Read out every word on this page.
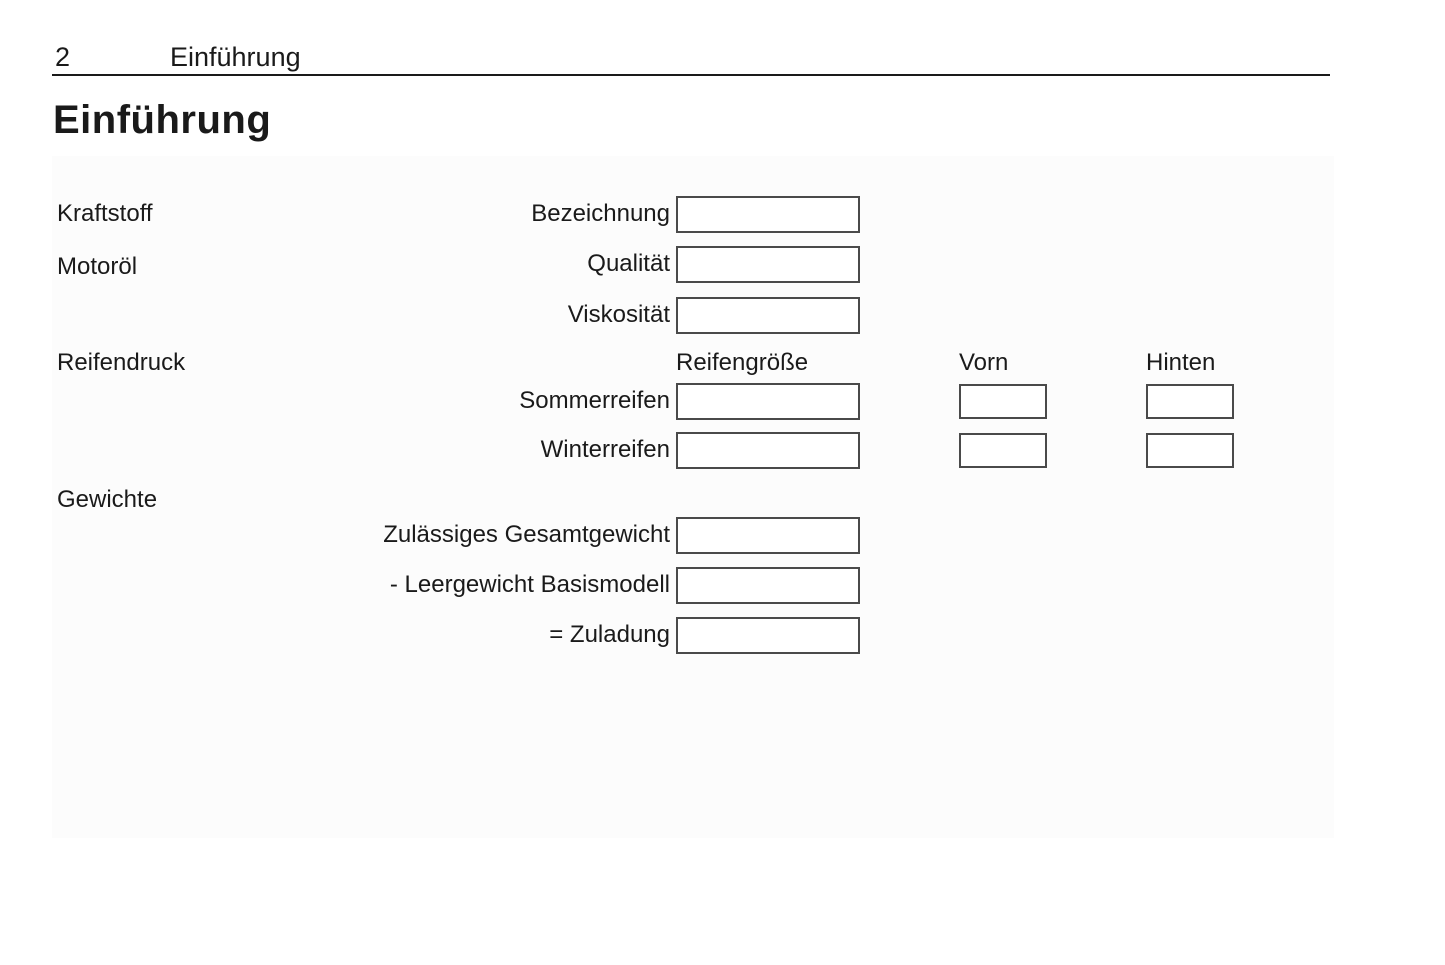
2	Einführung
Einführung
Kraftstoff	Bezeichnung
Motoröl	Qualität
Viskosität
Reifendruck	Reifengröße	Vorn	Hinten
Sommerreifen
Winterreifen
Gewichte
Zulässiges Gesamtgewicht
- Leergewicht Basismodell
= Zuladung
